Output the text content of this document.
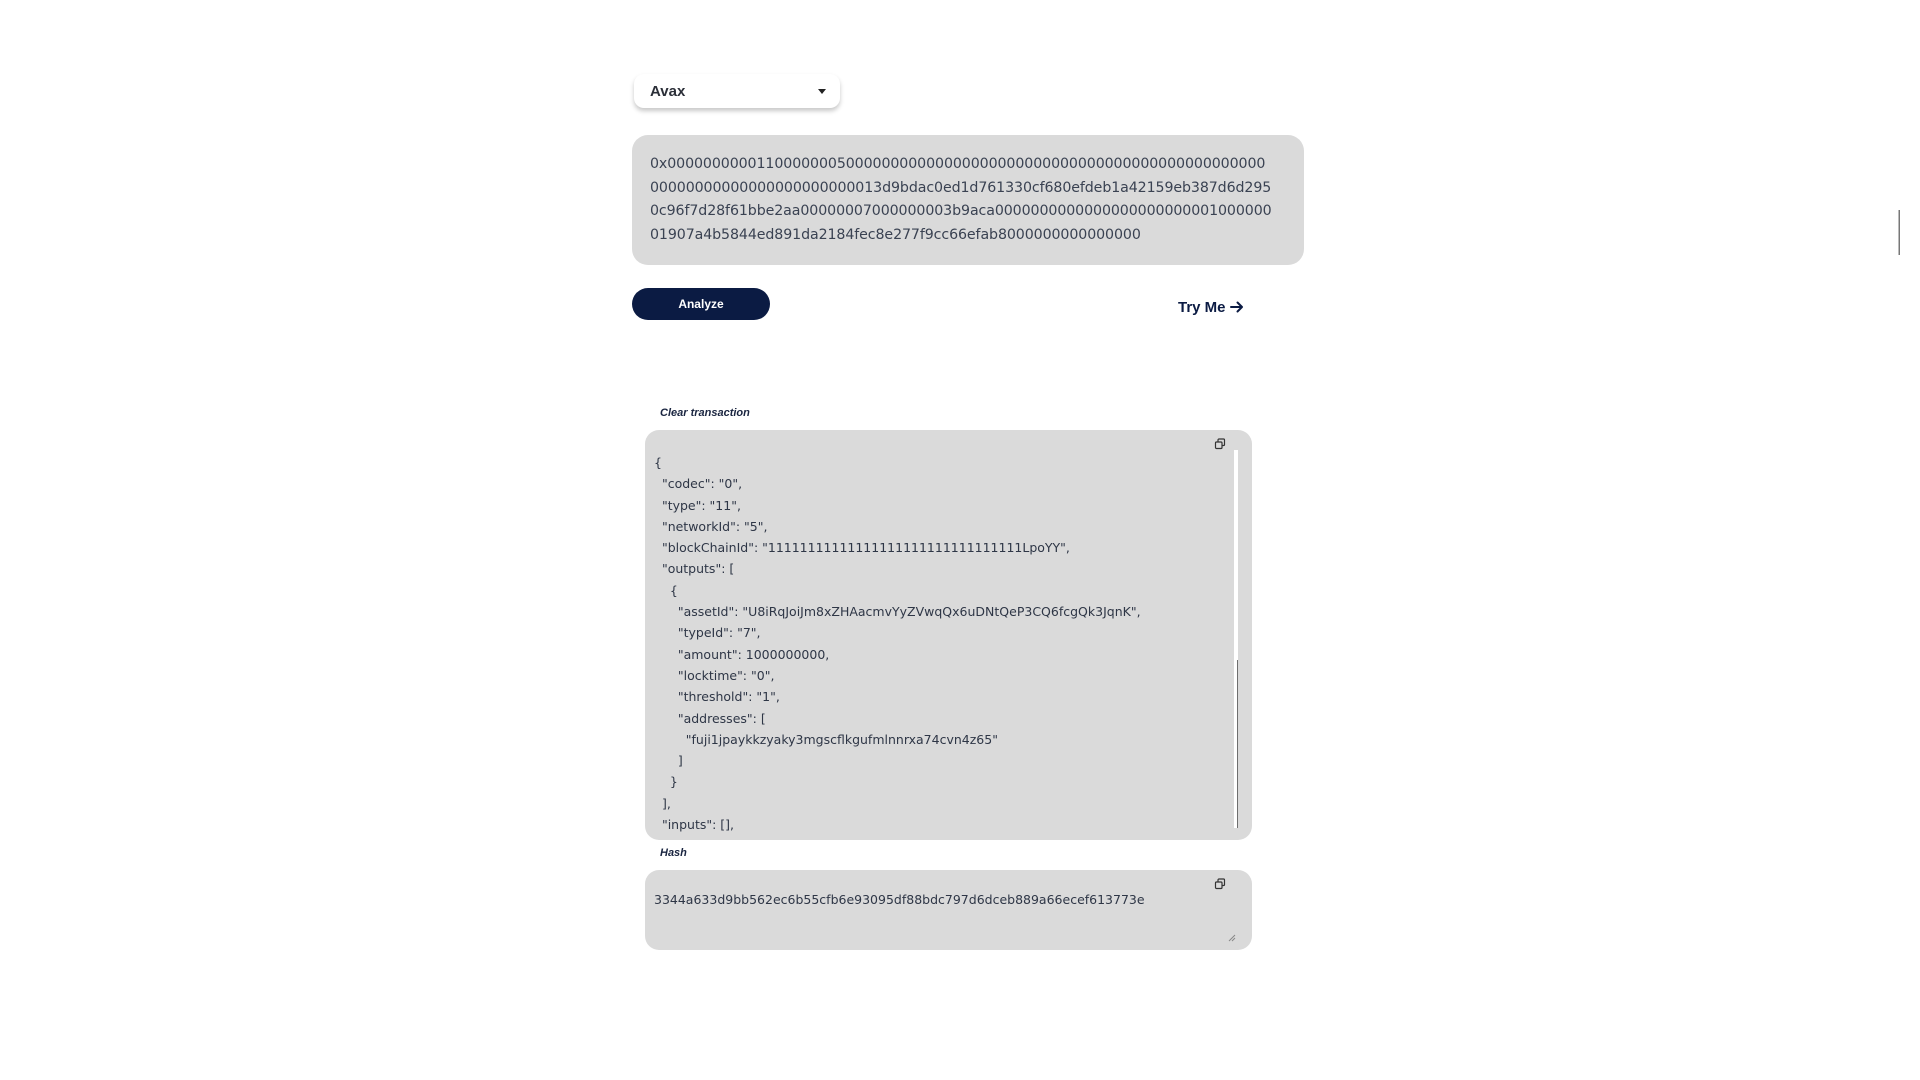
Avax
0x000000000011000000050000000000000000000000000000000000000000000000000000000000000000000000013d9bdac0ed1d761330cf680efdeb1a42159eb387d6d2950c96f7d28f61bbe2aa00000007000000003b9aca000000000000000000000000100000001907a4b5844ed891da2184fec8e277f9cc66efab8000000000000000
Analyze	Try Me
Clear transaction
{
"codec": "0",
"type": "11",
"networkId": "5",
"blockChainId": "11111111111111111111111111111111LpoYY",
"outputs": [
{
"assetId": "U8iRqJoiJm8xZHAacmvYyZVwqQx6uDNtQeP3CQ6fcgQk3JqnK",
"typeId": "7",
"amount": 1000000000,
"locktime": "0",
"threshold": "1",
"addresses": [
"fuji1jpaykkzyaky3mgscflkgufmlnnrxa74cvn4z65"
]
}
],
"inputs": [],
Hash
3344a633d9bb562ec6b55cfb6e93095df88bdc797d6dceb889a66ecef613773e
